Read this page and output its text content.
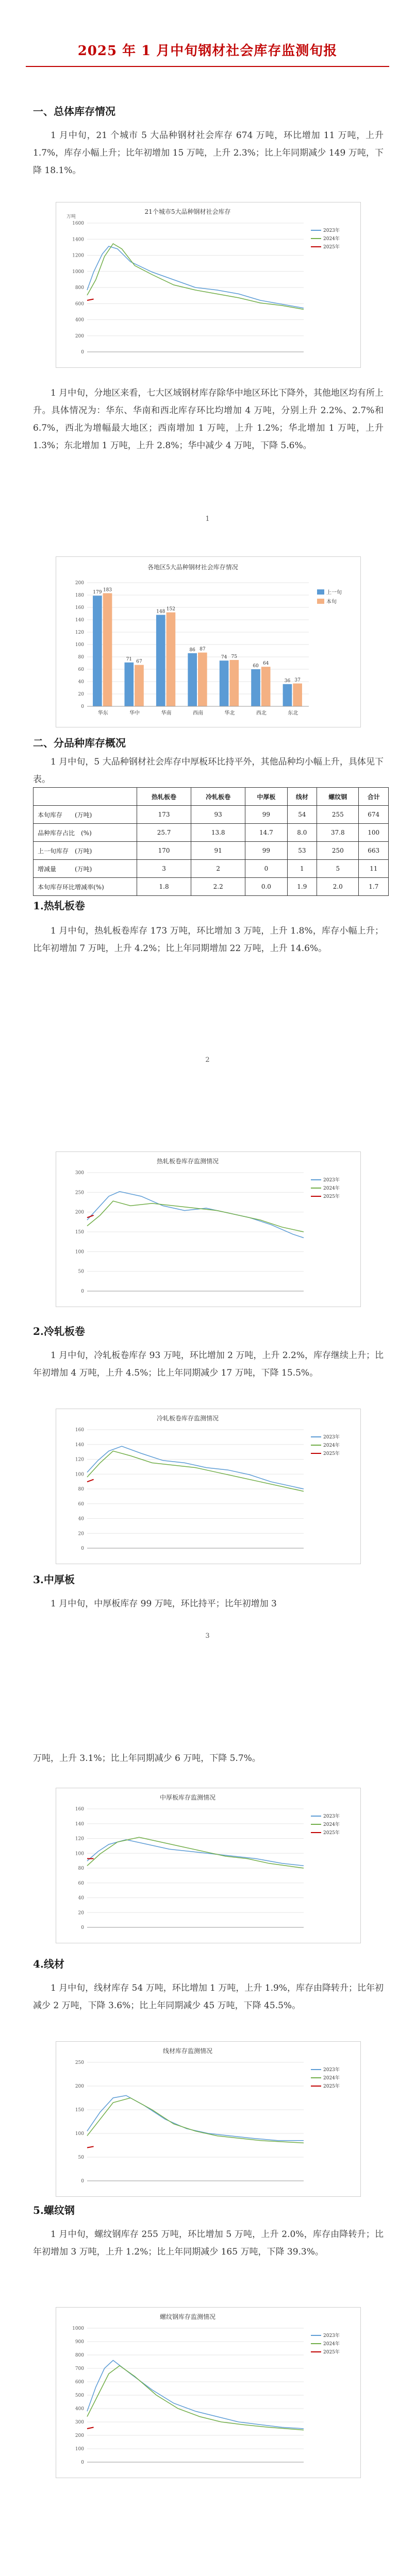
2025 年 1 月中旬钢材社会库存监测旬报
一、总体库存情况
1 月中旬，21 个城市 5 大品种钢材社会库存 674 万吨，环比增加 11 万吨，上升 1.7%，库存小幅上升；比年初增加 15 万吨，上升 2.3%；比上年同期减少 149 万吨，下降 18.1%。
21个城市5大品种钢材社会库存
万吨
1600
1400
1200
1000
800
600
400
200
0
2023年
2024年
2025年
1 月中旬，分地区来看，七大区域钢材库存除华中地区环比下降外，其他地区均有所上升。具体情况为：华东、华南和西北库存环比均增加 4 万吨，分别上升 2.2%、2.7%和 6.7%，西北为增幅最大地区；西南增加 1 万吨，上升 1.2%；华北增加 1 万吨，上升 1.3%；东北增加 1 万吨，上升 2.8%；华中减少 4 万吨，下降 5.6%。
1
各地区5大品种钢材社会库存情况
200
180
160
140
120
100
80
60
40
20
0
179 183
华东
71 67
华中
148 152
华南
86 87
西南
74 75
华北
60 64
西北
36 37
东北
上一旬
本旬
二、分品种库存概况
1 月中旬，5 大品种钢材社会库存中厚板环比持平外，其他品种均小幅上升，具体见下表。
	热轧板卷	冷轧板卷	中厚板	线材	螺纹钢	合计
本旬库存　　(万吨)	173	93	99	54	255	674
品种库存占比　(%)	25.7	13.8	14.7	8.0	37.8	100
上一旬库存　(万吨)	170	91	99	53	250	663
增减量　　　(万吨)	3	2	0	1	5	11
本旬库存环比增减率(%)	1.8	2.2	0.0	1.9	2.0	1.7
1.热轧板卷
1 月中旬，热轧板卷库存 173 万吨，环比增加 3 万吨，上升 1.8%，库存小幅上升；比年初增加 7 万吨，上升 4.2%；比上年同期增加 22 万吨，上升 14.6%。
2
热轧板卷库存监测情况
300
250
200
150
100
50
0
2023年
2024年
2025年
2.冷轧板卷
1 月中旬，冷轧板卷库存 93 万吨，环比增加 2 万吨，上升 2.2%，库存继续上升；比年初增加 4 万吨，上升 4.5%；比上年同期减少 17 万吨，下降 15.5%。
冷轧板卷库存监测情况
160
140
120
100
80
60
40
20
0
2023年
2024年
2025年
3.中厚板
1 月中旬，中厚板库存 99 万吨，环比持平；比年初增加 3
3
万吨，上升 3.1%；比上年同期减少 6 万吨，下降 5.7%。
中厚板库存监测情况
160
140
120
100
80
60
40
20
0
2023年
2024年
2025年
4.线材
1 月中旬，线材库存 54 万吨，环比增加 1 万吨，上升 1.9%，库存由降转升；比年初减少 2 万吨，下降 3.6%；比上年同期减少 45 万吨，下降 45.5%。
线材库存监测情况
250
200
150
100
50
0
2023年
2024年
2025年
5.螺纹钢
1 月中旬，螺纹钢库存 255 万吨，环比增加 5 万吨，上升 2.0%，库存由降转升；比年初增加 3 万吨，上升 1.2%；比上年同期减少 165 万吨，下降 39.3%。
螺纹钢库存监测情况
1000
900
800
700
600
500
400
300
200
100
0
2023年
2024年
2025年
